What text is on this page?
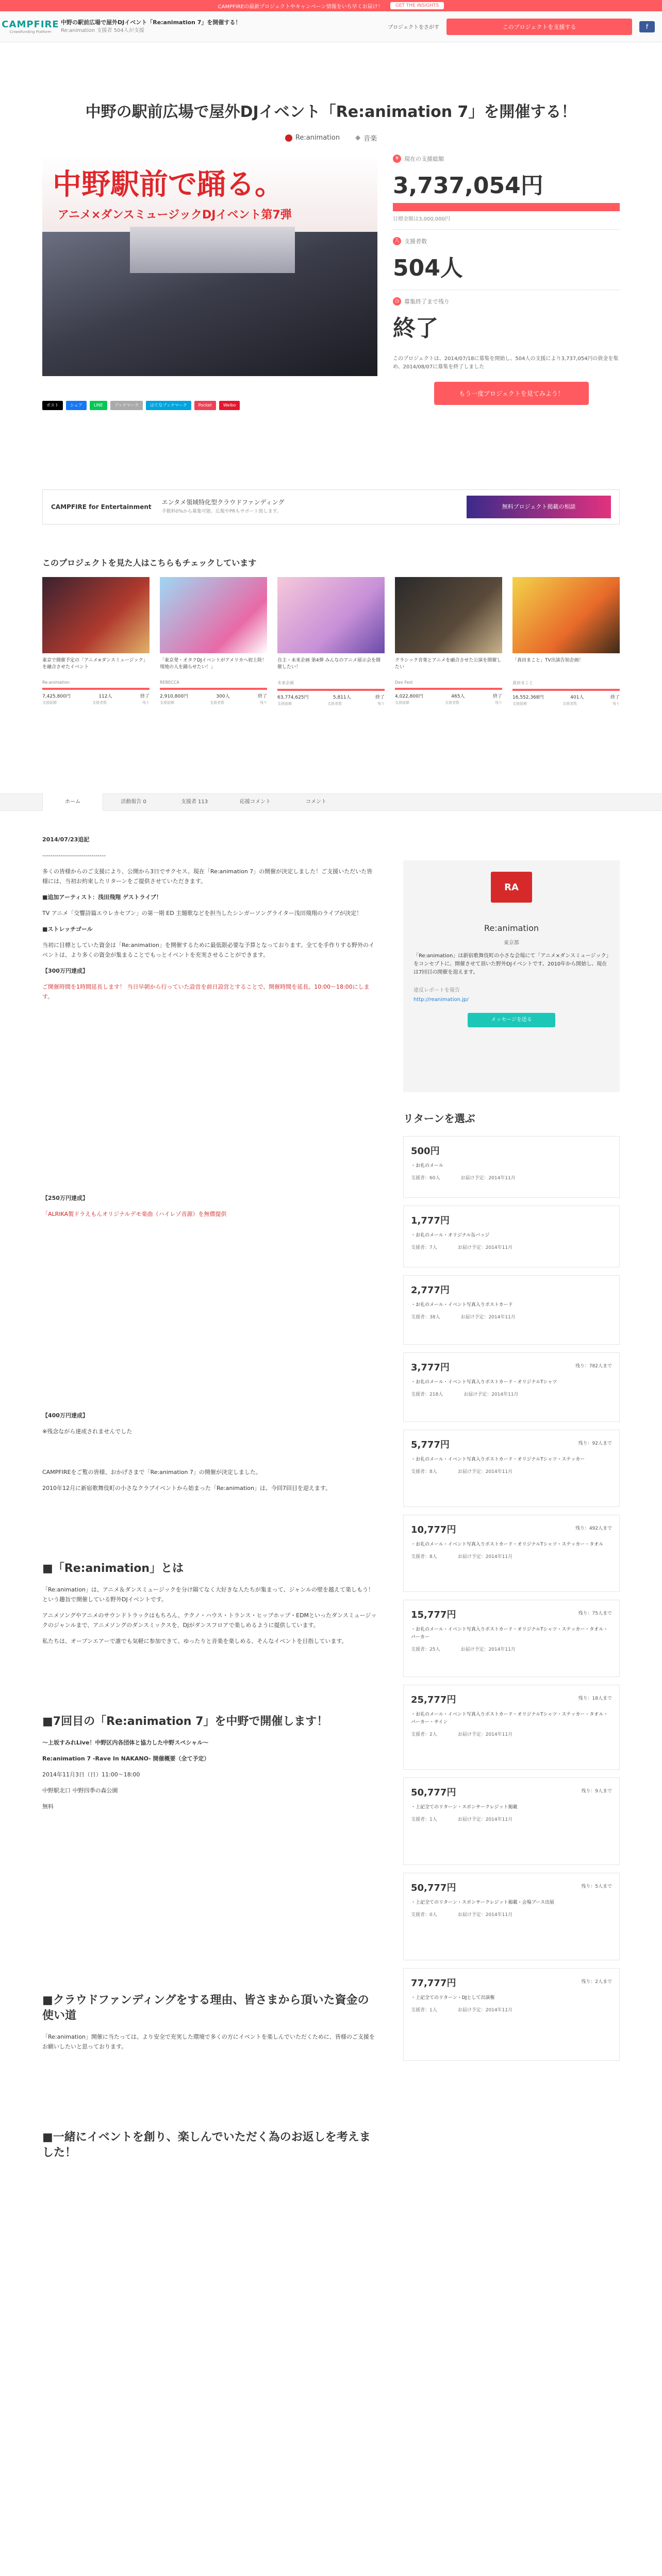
CAMPFIREの最新プロジェクトやキャンペーン情報をいち早くお届け！	GET THE INSIGHTS
CAMPFIRE
Crowdfunding Platform
中野の駅前広場で屋外DJイベント「Re:animation 7」を開催する！
Re:animation 支援者 504人が支援	プロジェクトをさがす	このプロジェクトを支援する	f
中野の駅前広場で屋外DJイベント「Re:animation 7」を開催する！
Re:animation ◆ 音楽
中野駅前で踊る。
アニメ×ダンスミュージックDJイベント第7弾
¥ 現在の支援総額
3,737,054円
目標金額は3,000,000円
人 支援者数
504人
◷ 募集終了まで残り
終了
このプロジェクトは、2014/07/18に募集を開始し、504人の支援により3,737,054円の資金を集め、2014/08/07に募集を終了しました
もう一度プロジェクトを見てみよう！
ポスト	シェア	LINE	ブックマーク	はてなブックマーク	Pocket	Weibo
CAMPFIRE for Entertainment
エンタメ領域特化型クラウドファンディング
手数料0%から募集可能。広報やPRもサポート致します。
無料プロジェクト掲載の相談
このプロジェクトを見た人はこちらもチェックしています
東京で開催予定の「アニメ×ダンスミュージック」を融合させたイベント
Re:animation
7,425,800円	112人	終了
支援総額	支援者数	残り
「東京発・オタクDJイベントがアメリカへ初上陸！現地の人を踊らせたい！」
REBECCA
2,910,800円	300人	終了
支援総額	支援者数	残り
自主・未来企画 第4弾 みんなのアニメ展示会を開催したい！
未来企画
63,774,625円	5,811人	終了
支援総額	支援者数	残り
クラシック音楽とアニメを融合させた公演を開催したい
Dex Fest
4,022,800円	465人	終了
支援総額	支援者数	残り
「真田まこと」TV出演告知企画！
真田まこと
16,552,368円	401人	終了
支援総額	支援者数	残り
ホーム	活動報告 0	支援者 113	応援コメント	コメント

2014/07/23追記

-------------------------------

多くの皆様からのご支援により、公開から3日でサクセス。現在「Re:animation 7」の開催が決定しました！ご支援いただいた皆様には、当初お約束したリターンをご提供させていただきます。

■追加アーティスト：浅田飛翔 ゲストライブ！

TV アニメ「交響詩篇エウレカセブン」の第一期 ED 主題歌などを担当したシンガーソングライター浅田飛翔のライブが決定！

■ストレッチゴール

当初に目標としていた資金は「Re:animation」を開催するために最低限必要な予算となっております。全てを手作りする野外のイベントは、より多くの資金が集まることでもっとイベントを充実させることができます。

【300万円達成】

ご開催時間を1時間延長します！ 当日早朝から行っていた設営を前日設営とすることで、開催時間を延長。10:00〜18:00にします。

【250万円達成】

「ALRIKA製ドラえもんオリジナルデモ楽曲（ハイレゾ音源）を無償提供

【400万円達成】

※残念ながら達成されませんでした

CAMPFIREをご覧の皆様、おかげさまで「Re:animation 7」の開催が決定しました。

2010年12月に新宿歌舞伎町の小さなクラブイベントから始まった「Re:animation」は、今回7回目を迎えます。

■「Re:animation」とは

「Re:animation」は、アニメ＆ダンスミュージックを分け隔てなく大好きな人たちが集まって、ジャンルの壁を越えて楽しもう！という趣旨で開催している野外DJイベントです。

アニメソングやアニメのサウンドトラックはもちろん、テクノ・ハウス・トランス・ヒップホップ・EDMといったダンスミュージックのジャンルまで、アニメソングのダンスミックスを、DJがダンスフロアで楽しめるように提供しています。

私たちは、オープンエアーで誰でも気軽に参加できて、ゆったりと音楽を楽しめる、そんなイベントを目指しています。

■7回目の「Re:animation 7」を中野で開催します！

〜上坂すみれLive！中野区内各団体と協力した中野スペシャル〜

Re:animation 7 -Rave In NAKANO- 開催概要（全て予定）

2014年11月3日（日）11:00〜18:00

中野駅北口 中野四季の森公園

無料

■クラウドファンディングをする理由、皆さまから頂いた資金の使い道

「Re:animation」開催に当たっては、より安全で充実した環境で多くの方にイベントを楽しんでいただくために、皆様のご支援をお願いしたいと思っております。

■一緒にイベントを創り、楽しんでいただく為のお返しを考えました！
RA
Re:animation
東京都
「Re:animation」は新宿歌舞伎町の小さな会場にて「アニメ×ダンスミュージック」をコンセプトに、開催させて頂いた野外DJイベントです。2010年から開始し、現在は7回目の開催を迎えます。
違反レポートを報告
http://reanimation.jp/
メッセージを送る
リターンを選ぶ
500円
・お礼のメール
支援者：60人	お届け予定：2014年11月
1,777円
・お礼のメール・オリジナル缶バッジ
支援者：7人	お届け予定：2014年11月
2,777円
・お礼のメール・イベント写真入りポストカード
支援者：38人	お届け予定：2014年11月
3,777円	残り：782人まで
・お礼のメール・イベント写真入りポストカード・オリジナルTシャツ
支援者：218人	お届け予定：2014年11月
5,777円	残り：92人まで
・お礼のメール・イベント写真入りポストカード・オリジナルTシャツ・ステッカー
支援者：8人	お届け予定：2014年11月
10,777円	残り：492人まで
・お礼のメール・イベント写真入りポストカード・オリジナルTシャツ・ステッカー・タオル
支援者：8人	お届け予定：2014年11月
15,777円	残り：75人まで
・お礼のメール・イベント写真入りポストカード・オリジナルTシャツ・ステッカー・タオル・パーカー
支援者：25人	お届け予定：2014年11月
25,777円	残り：18人まで
・お礼のメール・イベント写真入りポストカード・オリジナルTシャツ・ステッカー・タオル・パーカー・サイン
支援者：2人	お届け予定：2014年11月
50,777円	残り：9人まで
・上記全てのリターン・スポンサークレジット掲載
支援者：1人	お届け予定：2014年11月
50,777円	残り：5人まで
・上記全てのリターン・スポンサークレジット掲載・会場ブース出展
支援者：0人	お届け予定：2014年11月
77,777円	残り：2人まで
・上記全てのリターン・DJとして出演権
支援者：1人	お届け予定：2014年11月
